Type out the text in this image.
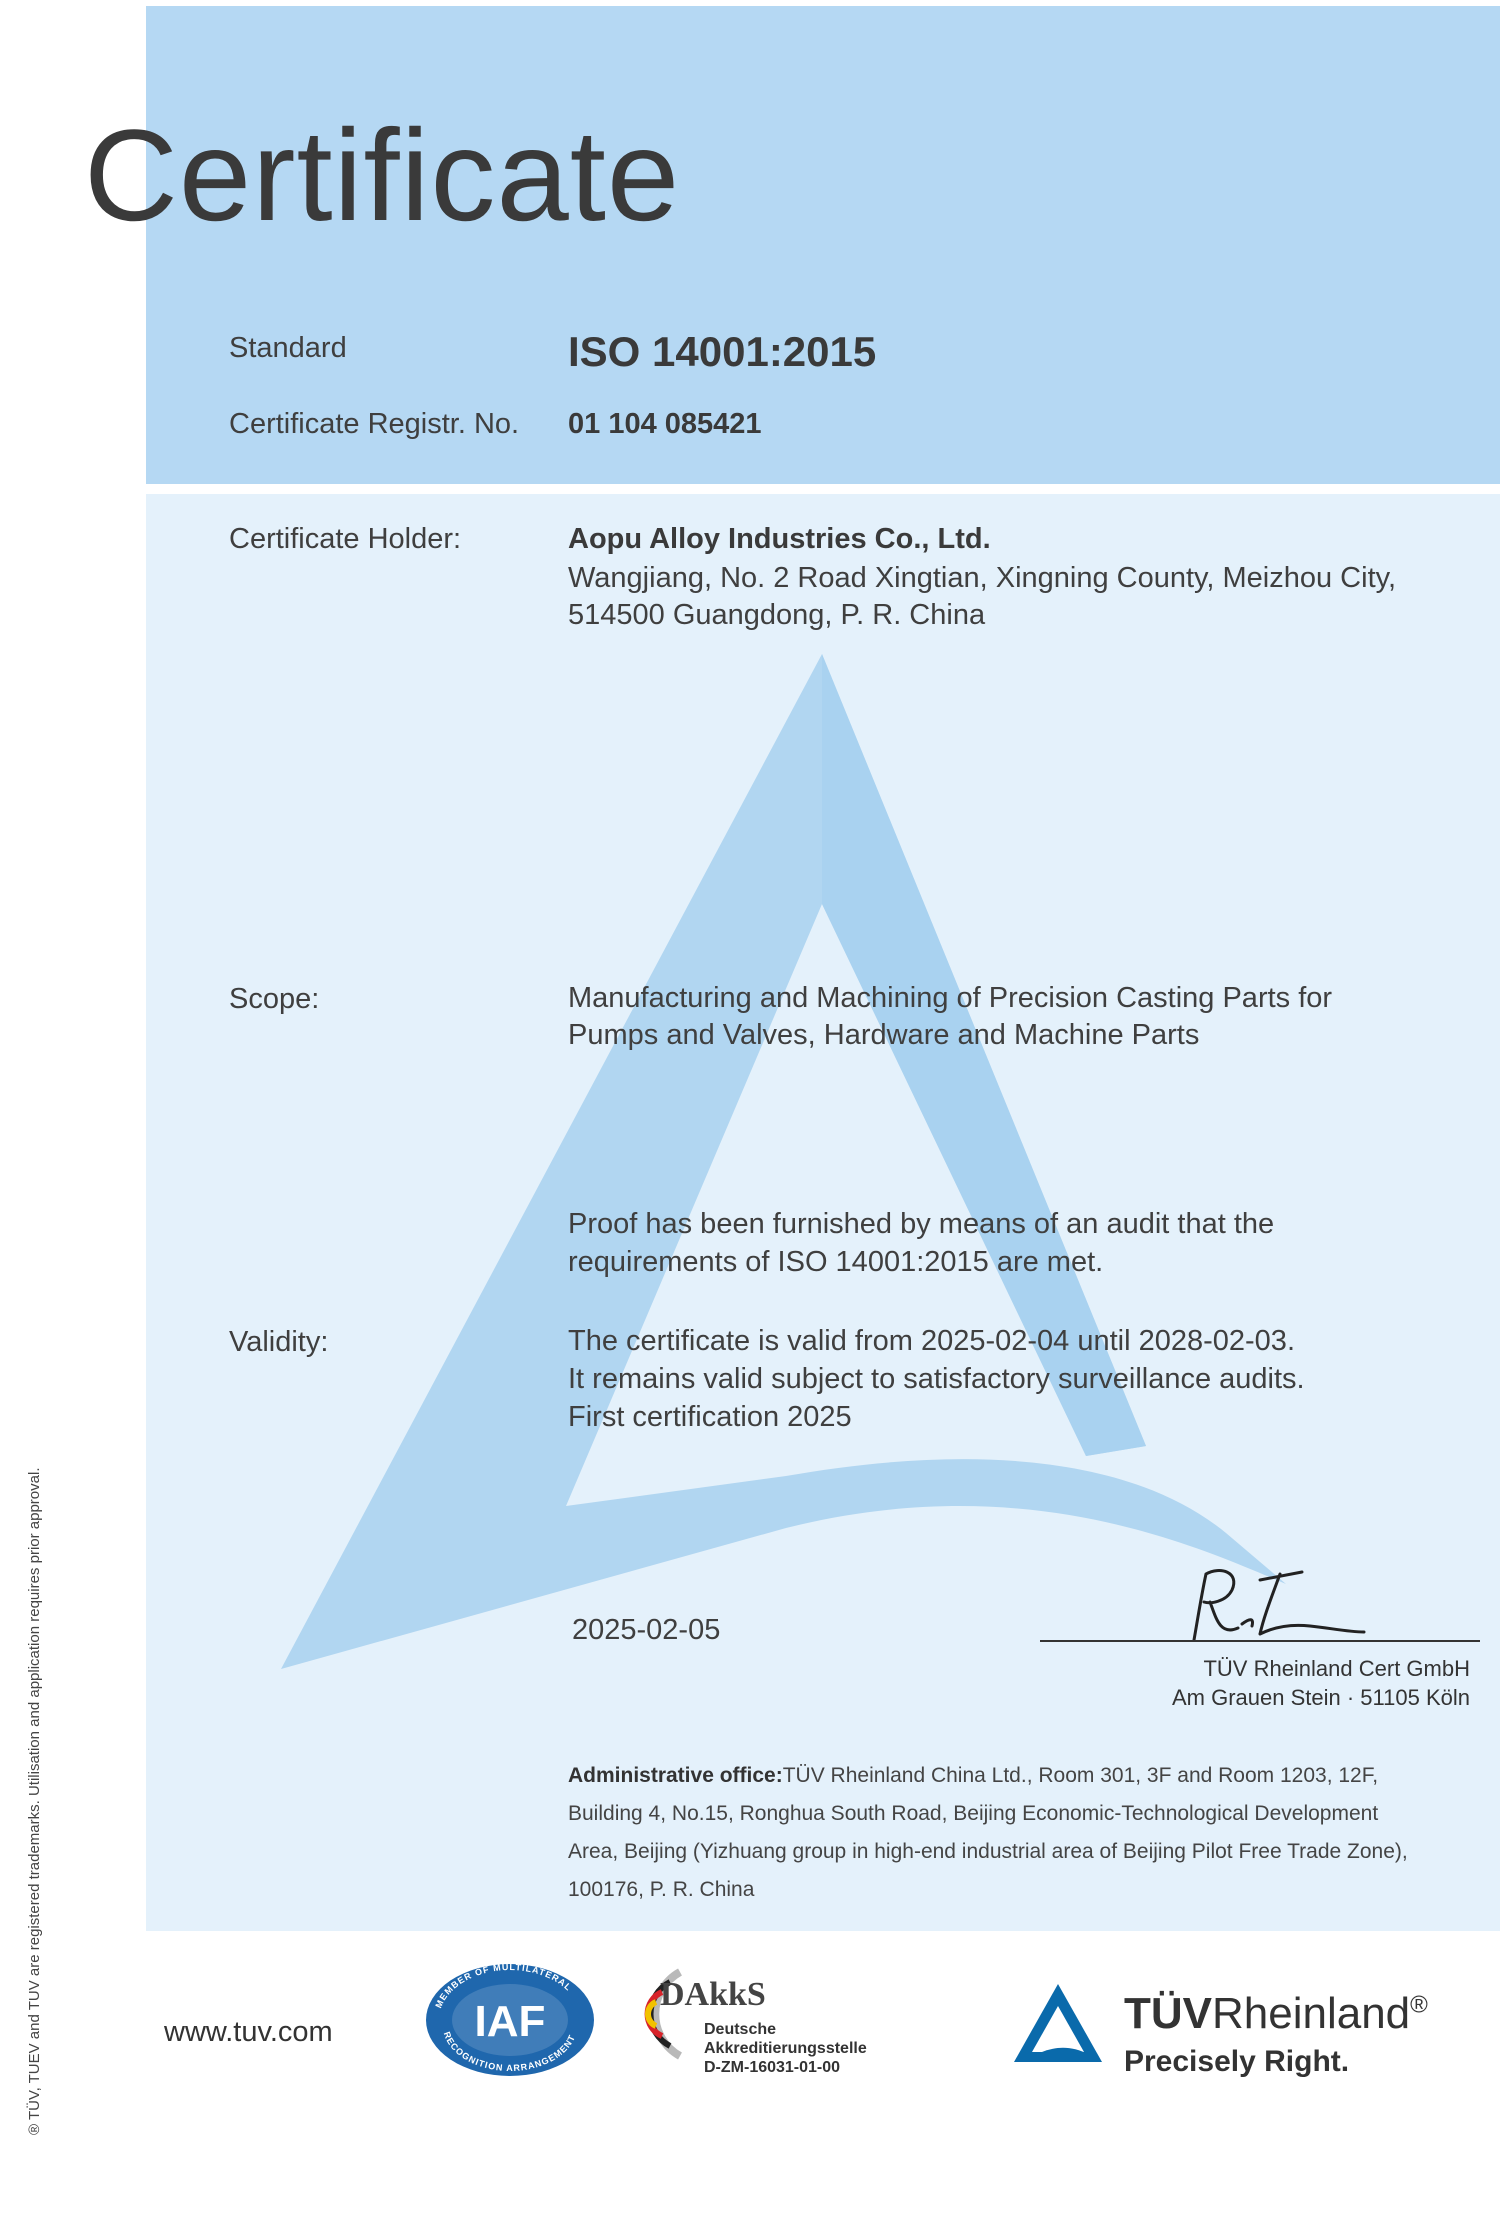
Certificate
Standard	ISO 14001:2015
Certificate Registr. No. 01 104 085421
Certificate Holder:	Aopu Alloy Industries Co., Ltd.
Wangjiang, No. 2 Road Xingtian, Xingning County, Meizhou City,
514500 Guangdong, P. R. China
Scope:	Manufacturing and Machining of Precision Casting Parts for
Pumps and Valves, Hardware and Machine Parts
Proof has been furnished by means of an audit that the
requirements of ISO 14001:2015 are met.
Validity:	The certificate is valid from 2025-02-04 until 2028-02-03.
It remains valid subject to satisfactory surveillance audits.
First certification 2025
2025-02-05
TÜV Rheinland Cert GmbH
Am Grauen Stein · 51105 Köln
Administrative office:TÜV Rheinland China Ltd., Room 301, 3F and Room 1203, 12F,
Building 4, No.15, Ronghua South Road, Beijing Economic-Technological Development
Area, Beijing (Yizhuang group in high-end industrial area of Beijing Pilot Free Trade Zone),
100176, P. R. China
www.tuv.com
MEMBER OF MULTILATERAL
RECOGNITION ARRANGEMENT
IAF
DAkkS
Deutsche
Akkreditierungsstelle
D-ZM-16031-01-00
TÜVRheinland®
Precisely Right.
® TÜV, TUEV and TUV are registered trademarks. Utilisation and application requires prior approval.
